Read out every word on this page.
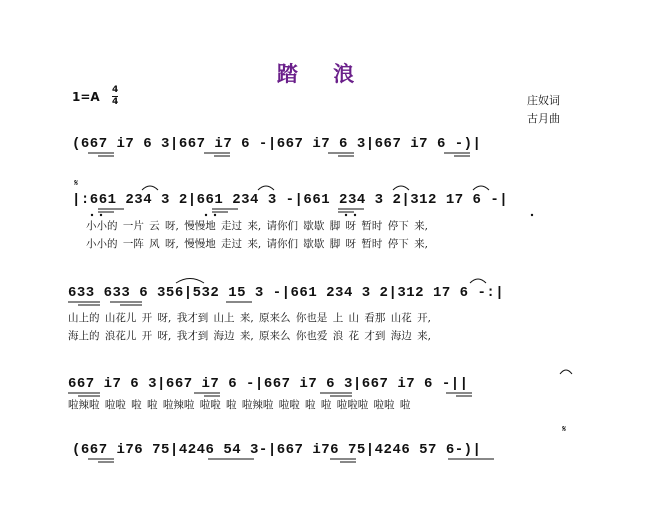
踏 浪
1=A 4
4	庄奴词
古月曲
(667 i7 6 3|667 i7 6 -|667 i7 6 3|667 i7 6 -)|
𝄋
|:661 234 3 2|661 234 3 -|661 234 3 2|312 17 6 -|
小小的 一片 云 呀, 慢慢地 走过 来, 请你们 歇歇 脚 呀 暂时 停下 来,
小小的 一阵 风 呀, 慢慢地 走过 来, 请你们 歇歇 脚 呀 暂时 停下 来,
633 633 6 356|532 15 3 -|661 234 3 2|312 17 6 -:|
山上的 山花儿 开 呀, 我才到 山上 来, 原来么 你也是 上 山 看那 山花 开,
海上的 浪花儿 开 呀, 我才到 海边 来, 原来么 你也爱 浪 花 才到 海边 来,
667 i7 6 3|667 i7 6 -|667 i7 6 3|667 i7 6 -||
啦辣啦 啦啦 啦 啦 啦辣啦 啦啦 啦 啦辣啦 啦啦 啦 啦 啦啦啦 啦啦 啦
𝄋
(667 i76 75|4246 54 3-|667 i76 75|4246 57 6-)|
